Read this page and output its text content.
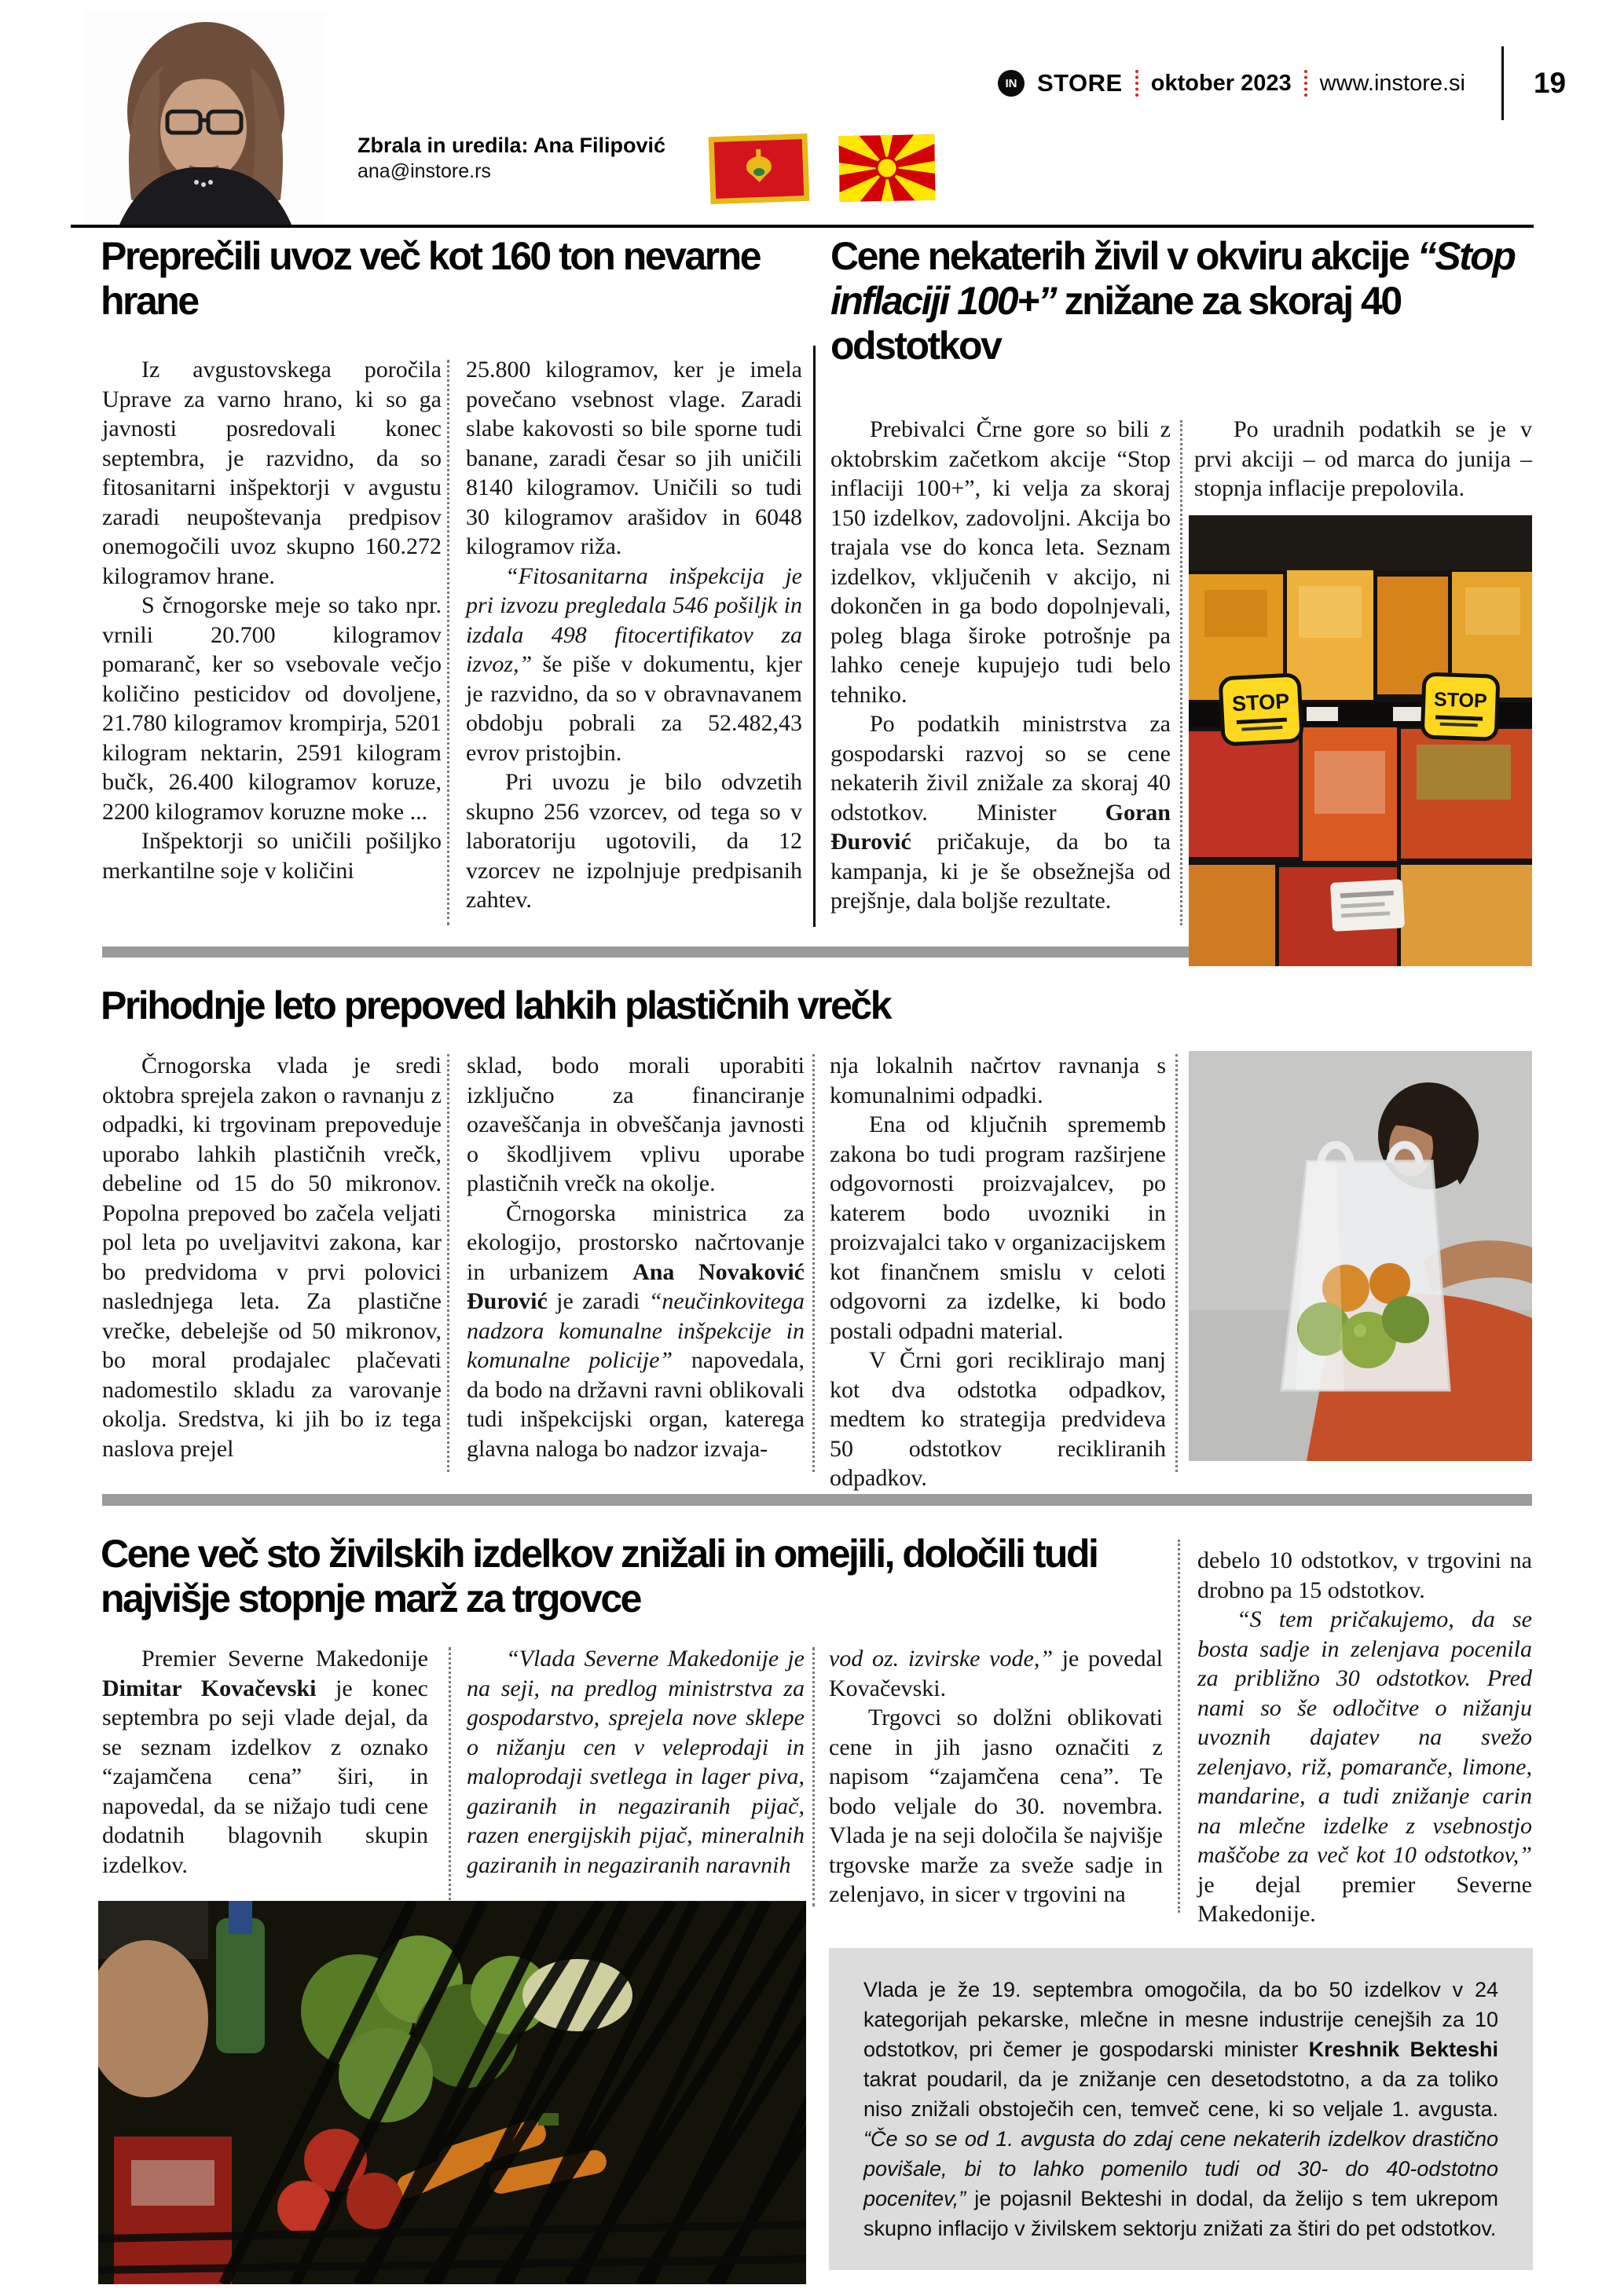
Zbrala in uredila: Ana Filipović
ana@instore.rs
IN STORE oktober 2023 www.instore.si 19
Preprečili uvoz več kot 160 ton nevarne hrane

Iz avgustovskega poročila Uprave za varno hrano, ki so ga javnosti posredovali konec septembra, je razvidno, da so fitosanitarni inšpektorji v avgustu zaradi neupoštevanja predpisov onemogočili uvoz skupno 160.272 kilogramov hrane.

S črnogorske meje so tako npr. vrnili 20.700 kilogramov pomaranč, ker so vsebovale večjo količino pesticidov od dovoljene, 21.780 kilogramov krompirja, 5201 kilogram nektarin, 2591 kilogram bučk, 26.400 kilogramov koruze, 2200 kilogramov koruzne moke ...

Inšpektorji so uničili pošiljko merkantilne soje v količini

25.800 kilogramov, ker je imela povečano vsebnost vlage. Zaradi slabe kakovosti so bile sporne tudi banane, zaradi česar so jih uničili 8140 kilogramov. Uničili so tudi 30 kilogramov arašidov in 6048 kilogramov riža.

“Fitosanitarna inšpekcija je pri izvozu pregledala 546 pošiljk in izdala 498 fitocertifikatov za izvoz,” še piše v dokumentu, kjer je razvidno, da so v obravnavanem obdobju pobrali za 52.482,43 evrov pristojbin.

Pri uvozu je bilo odvzetih skupno 256 vzorcev, od tega so v laboratoriju ugotovili, da 12 vzorcev ne izpolnjuje predpisanih zahtev.

Cene nekaterih živil v okviru akcije “Stop inflaciji 100+” znižane za skoraj 40 odstotkov

Prebivalci Črne gore so bili z oktobrskim začetkom akcije “Stop inflaciji 100+”, ki velja za skoraj 150 izdelkov, zadovoljni. Akcija bo trajala vse do konca leta. Seznam izdelkov, vključenih v akcijo, ni dokončen in ga bodo dopolnjevali, poleg blaga široke potrošnje pa lahko ceneje kupujejo tudi belo tehniko.

Po podatkih ministrstva za gospodarski razvoj so se cene nekaterih živil znižale za skoraj 40 odstotkov. Minister Goran Đurović pričakuje, da bo ta kampanja, ki je še obsežnejša od prejšnje, dala boljše rezultate.

Po uradnih podatkih se je v prvi akciji – od marca do junija – stopnja inflacije prepolovila.

STOP	STOP
Prihodnje leto prepoved lahkih plastičnih vrečk

Črnogorska vlada je sredi oktobra sprejela zakon o ravnanju z odpadki, ki trgovinam prepoveduje uporabo lahkih plastičnih vrečk, debeline od 15 do 50 mikronov. Popolna prepoved bo začela veljati pol leta po uveljavitvi zakona, kar bo predvidoma v prvi polovici naslednjega leta. Za plastične vrečke, debelejše od 50 mikronov, bo moral prodajalec plačevati nadomestilo skladu za varovanje okolja. Sredstva, ki jih bo iz tega naslova prejel

sklad, bodo morali uporabiti izključno za financiranje ozaveščanja in obveščanja javnosti o škodljivem vplivu uporabe plastičnih vrečk na okolje.

Črnogorska ministrica za ekologijo, prostorsko načrtovanje in urbanizem Ana Novaković Đurović je zaradi “neučinkovitega nadzora komunalne inšpekcije in komunalne policije” napovedala, da bodo na državni ravni oblikovali tudi inšpekcijski organ, katerega glavna naloga bo nadzor izvaja-

nja lokalnih načrtov ravnanja s komunalnimi odpadki.

Ena od ključnih sprememb zakona bo tudi program razširjene odgovornosti proizvajalcev, po katerem bodo uvozniki in proizvajalci tako v organizacijskem kot finančnem smislu v celoti odgovorni za izdelke, ki bodo postali odpadni material.

V Črni gori reciklirajo manj kot dva odstotka odpadkov, medtem ko strategija predvideva 50 odstotkov recikliranih odpadkov.

Cene več sto živilskih izdelkov znižali in omejili, določili tudi najvišje stopnje marž za trgovce

Premier Severne Makedonije Dimitar Kovačevski je konec septembra po seji vlade dejal, da se seznam izdelkov z oznako “zajamčena cena” širi, in napovedal, da se nižajo tudi cene dodatnih blagovnih skupin izdelkov.

“Vlada Severne Makedonije je na seji, na predlog ministrstva za gospodarstvo, sprejela nove sklepe o nižanju cen v veleprodaji in maloprodaji svetlega in lager piva, gaziranih in negaziranih pijač, razen energijskih pijač, mineralnih gaziranih in negaziranih naravnih

vod oz. izvirske vode,” je povedal Kovačevski.

Trgovci so dolžni oblikovati cene in jih jasno označiti z napisom “zajamčena cena”. Te bodo veljale do 30. novembra. Vlada je na seji določila še najvišje trgovske marže za sveže sadje in zelenjavo, in sicer v trgovini na

debelo 10 odstotkov, v trgovini na drobno pa 15 odstotkov.

“S tem pričakujemo, da se bosta sadje in zelenjava pocenila za približno 30 odstotkov. Pred nami so še odločitve o nižanju uvoznih dajatev na svežo zelenjavo, riž, pomaranče, limone, mandarine, a tudi znižanje carin na mlečne izdelke z vsebnostjo maščobe za več kot 10 odstotkov,” je dejal premier Severne Makedonije.

Vlada je že 19. septembra omogočila, da bo 50 izdelkov v 24 kategorijah pekarske, mlečne in mesne industrije cenejših za 10 odstotkov, pri čemer je gospodarski minister Kreshnik Bekteshi takrat poudaril, da je znižanje cen desetodstotno, a da za toliko niso znižali obstoječih cen, temveč cene, ki so veljale 1. avgusta. “Če so se od 1. avgusta do zdaj cene nekaterih izdelkov drastično povišale, bi to lahko pomenilo tudi od 30- do 40-odstotno pocenitev,” je pojasnil Bekteshi in dodal, da želijo s tem ukrepom skupno inflacijo v živilskem sektorju znižati za štiri do pet odstotkov.
